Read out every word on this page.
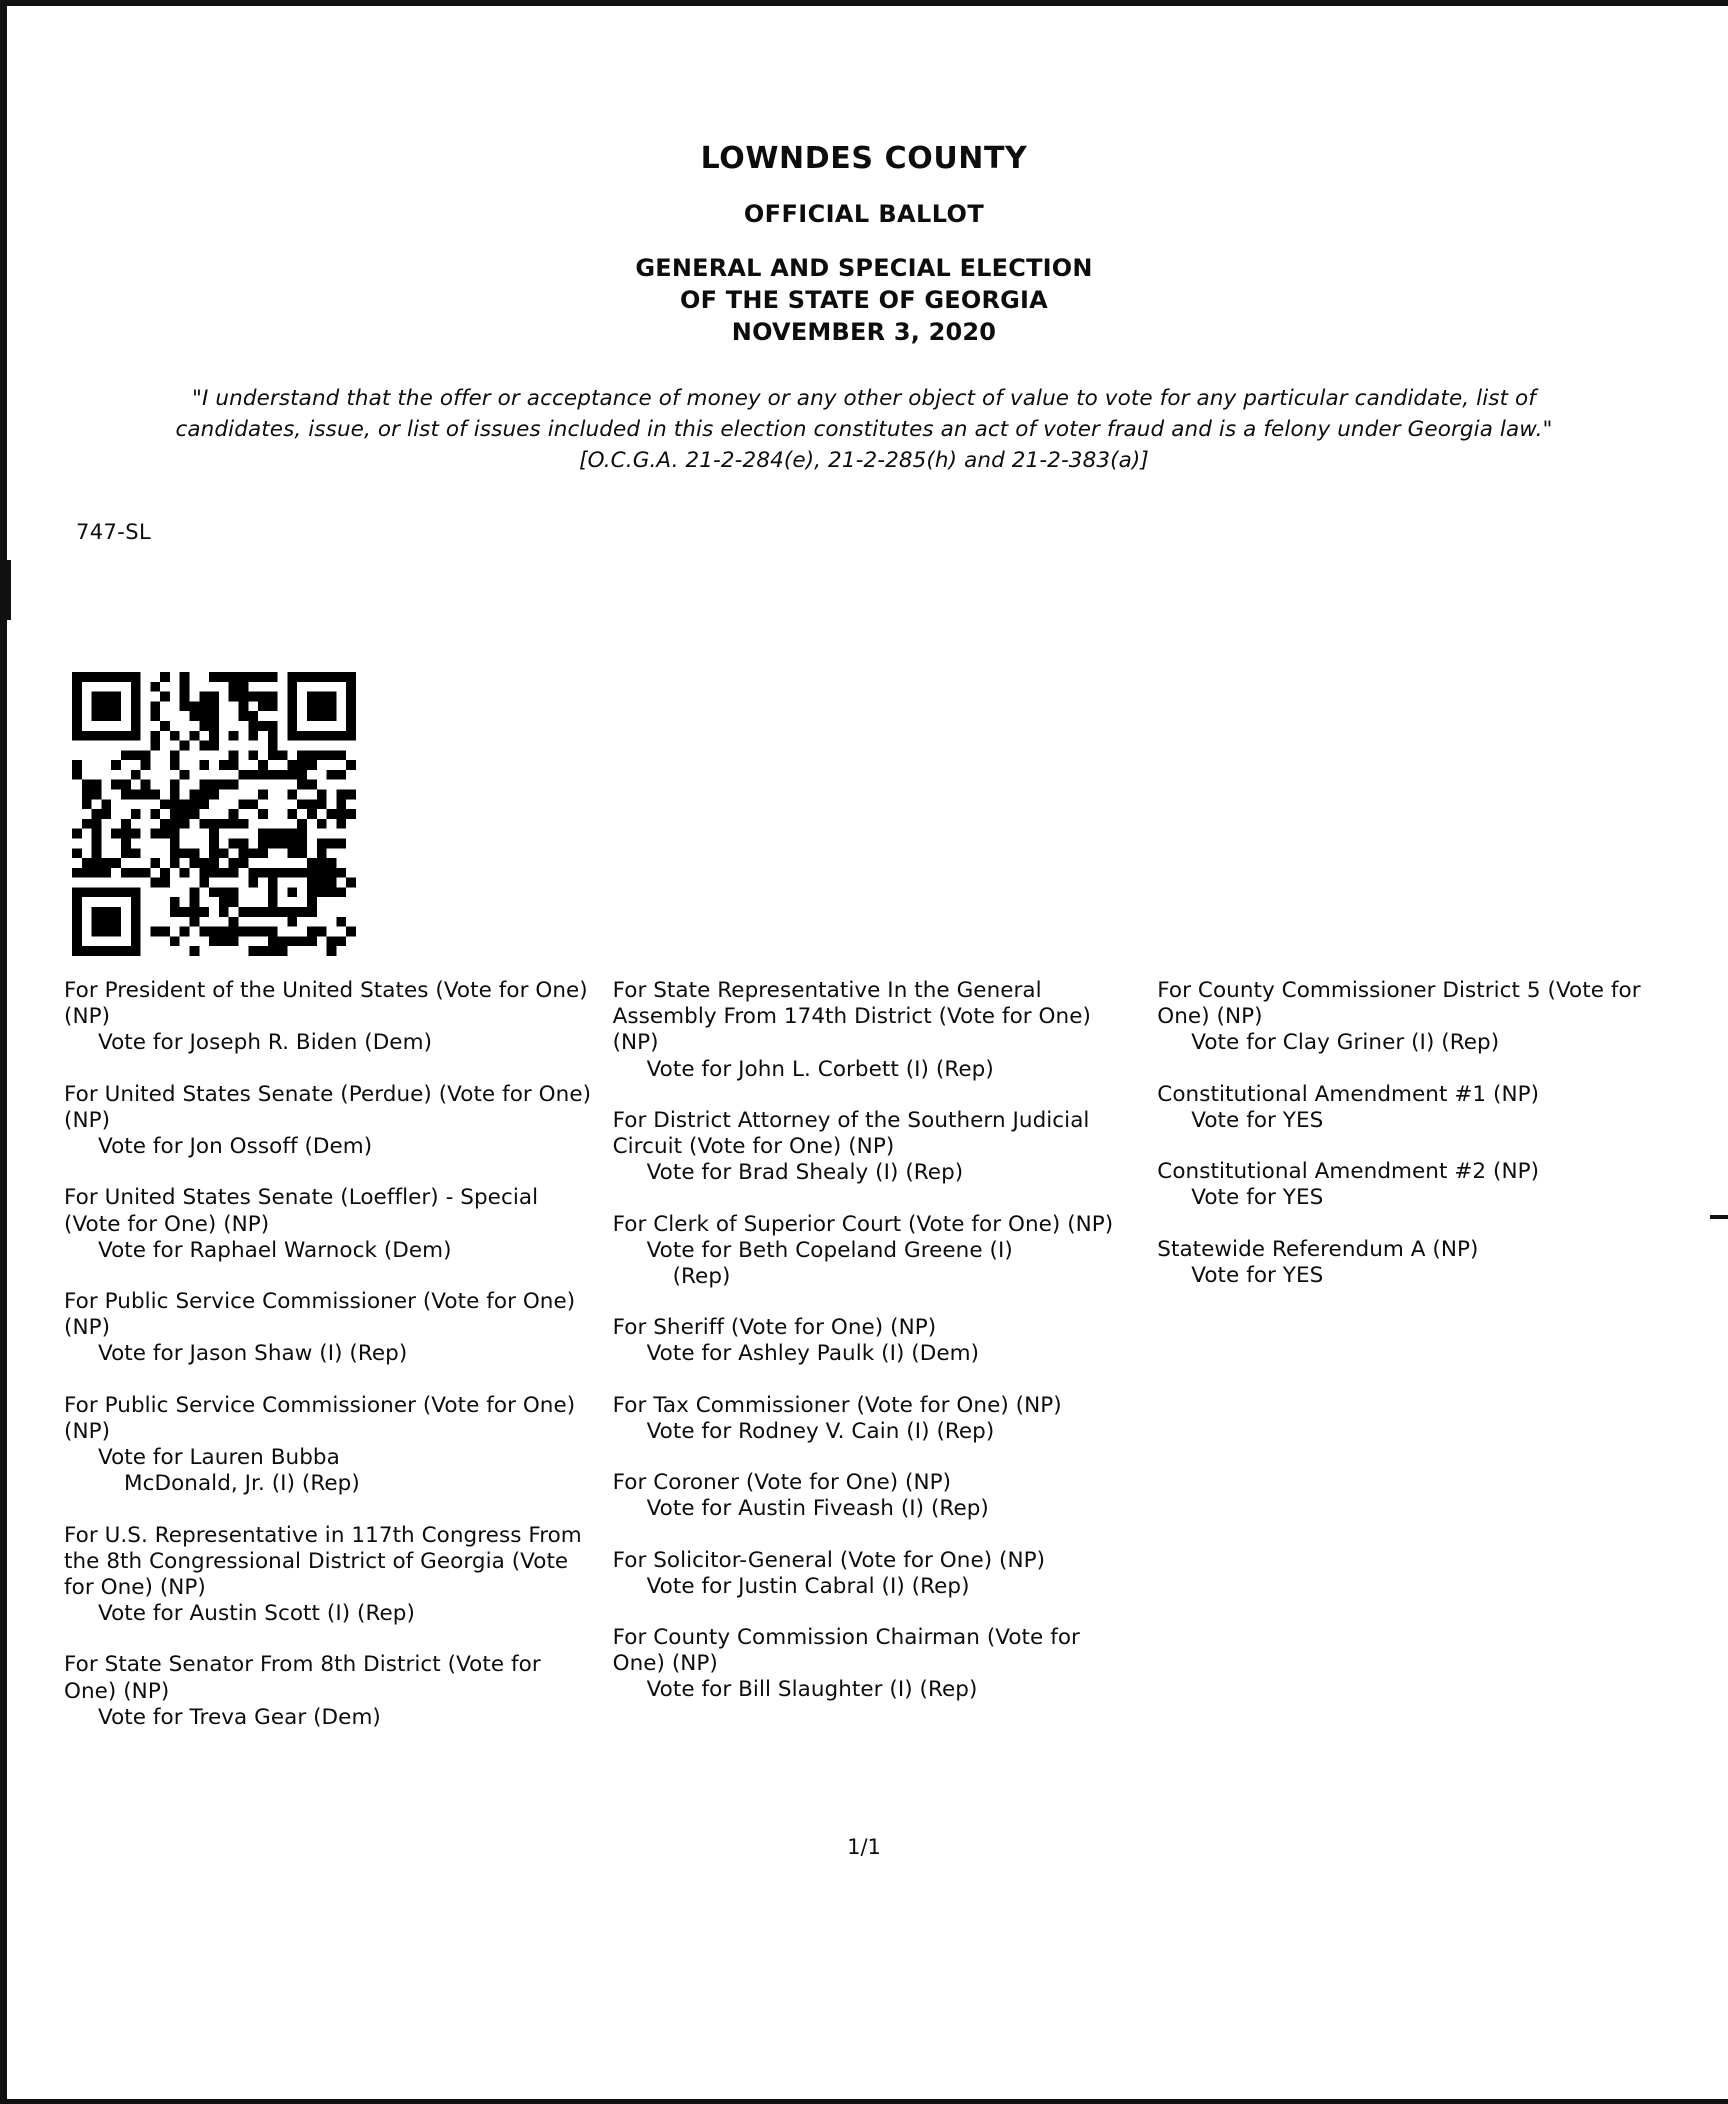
LOWNDES COUNTY
OFFICIAL BALLOT
GENERAL AND SPECIAL ELECTION
OF THE STATE OF GEORGIA
NOVEMBER 3, 2020
"I understand that the offer or acceptance of money or any other object of value to vote for any particular candidate, list of candidates, issue, or list of issues included in this election constitutes an act of voter fraud and is a felony under Georgia law." [O.C.G.A. 21-2-284(e), 21-2-285(h) and 21-2-383(a)]
747-SL
For President of the United States (Vote for One) (NP)
Vote for Joseph R. Biden (Dem)
For United States Senate (Perdue) (Vote for One) (NP)
Vote for Jon Ossoff (Dem)
For United States Senate (Loeffler) - Special (Vote for One) (NP)
Vote for Raphael Warnock (Dem)
For Public Service Commissioner (Vote for One) (NP)
Vote for Jason Shaw (I) (Rep)
For Public Service Commissioner (Vote for One) (NP)
Vote for Lauren Bubba
McDonald, Jr. (I) (Rep)
For U.S. Representative in 117th Congress From the 8th Congressional District of Georgia (Vote for One) (NP)
Vote for Austin Scott (I) (Rep)
For State Senator From 8th District (Vote for One) (NP)
Vote for Treva Gear (Dem)
For State Representative In the General Assembly From 174th District (Vote for One) (NP)
Vote for John L. Corbett (I) (Rep)
For District Attorney of the Southern Judicial Circuit (Vote for One) (NP)
Vote for Brad Shealy (I) (Rep)
For Clerk of Superior Court (Vote for One) (NP)
Vote for Beth Copeland Greene (I)
(Rep)
For Sheriff (Vote for One) (NP)
Vote for Ashley Paulk (I) (Dem)
For Tax Commissioner (Vote for One) (NP)
Vote for Rodney V. Cain (I) (Rep)
For Coroner (Vote for One) (NP)
Vote for Austin Fiveash (I) (Rep)
For Solicitor-General (Vote for One) (NP)
Vote for Justin Cabral (I) (Rep)
For County Commission Chairman (Vote for One) (NP)
Vote for Bill Slaughter (I) (Rep)
For County Commissioner District 5 (Vote for One) (NP)
Vote for Clay Griner (I) (Rep)
Constitutional Amendment #1 (NP)
Vote for YES
Constitutional Amendment #2 (NP)
Vote for YES
Statewide Referendum A (NP)
Vote for YES
1/1
